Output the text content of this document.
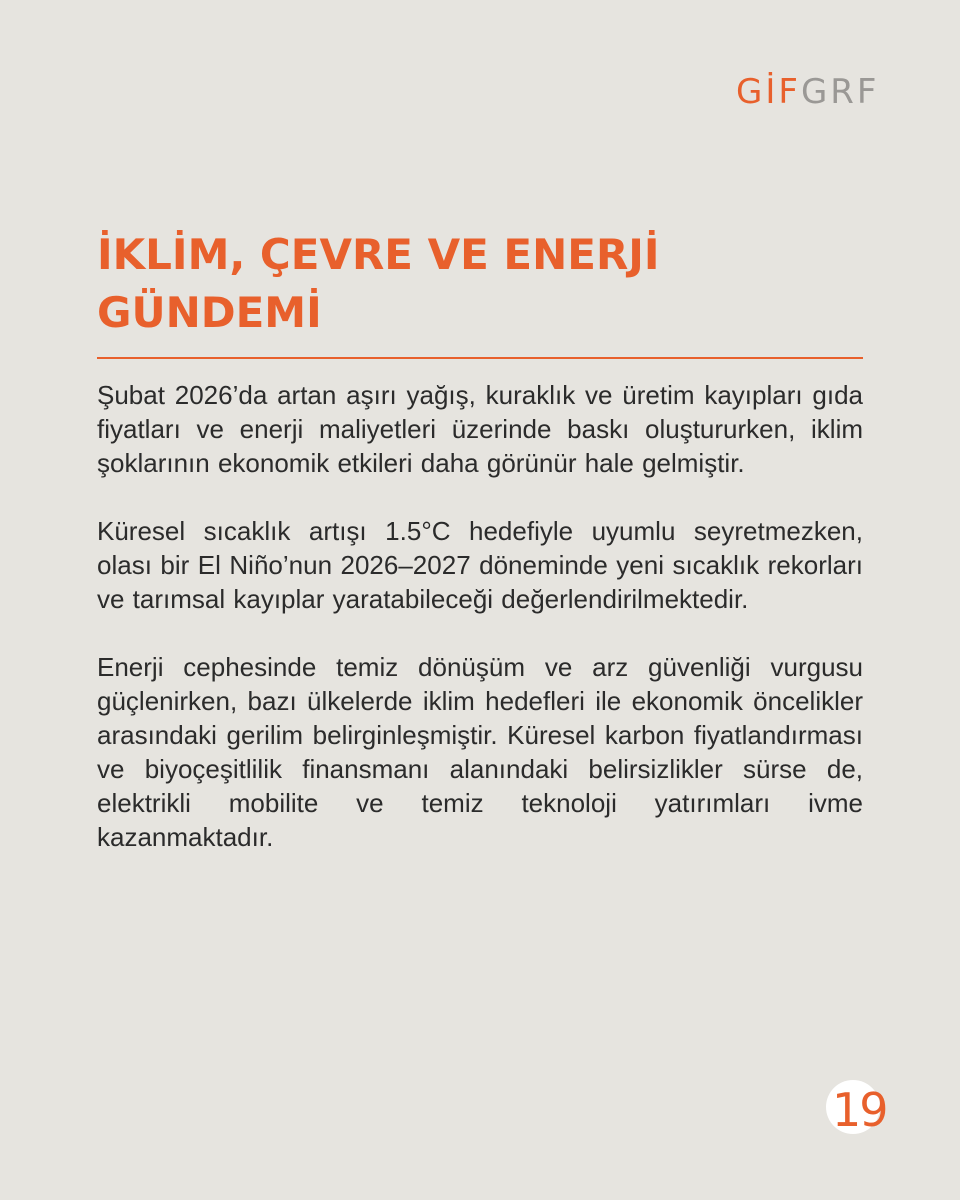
GİFGRF
İKLİM, ÇEVRE VE ENERJİ GÜNDEMİ

Şubat 2026’da artan aşırı yağış, kuraklık ve üretim kayıpları gıda fiyatları ve enerji maliyetleri üzerinde baskı oluştururken, iklim şoklarının ekonomik etkileri daha görünür hale gelmiştir.

Küresel sıcaklık artışı 1.5°C hedefiyle uyumlu seyretmezken, olası bir El Niño’nun 2026–2027 döneminde yeni sıcaklık rekorları ve tarımsal kayıplar yaratabileceği değerlendirilmektedir.

Enerji cephesinde temiz dönüşüm ve arz güvenliği vurgusu güçlenirken, bazı ülkelerde iklim hedefleri ile ekonomik öncelikler arasındaki gerilim belirginleşmiştir. Küresel karbon fiyatlandırması ve biyoçeşitlilik finansmanı alanındaki belirsizlikler sürse de, elektrikli mobilite ve temiz teknoloji yatırımları ivme kazanmaktadır.

19
